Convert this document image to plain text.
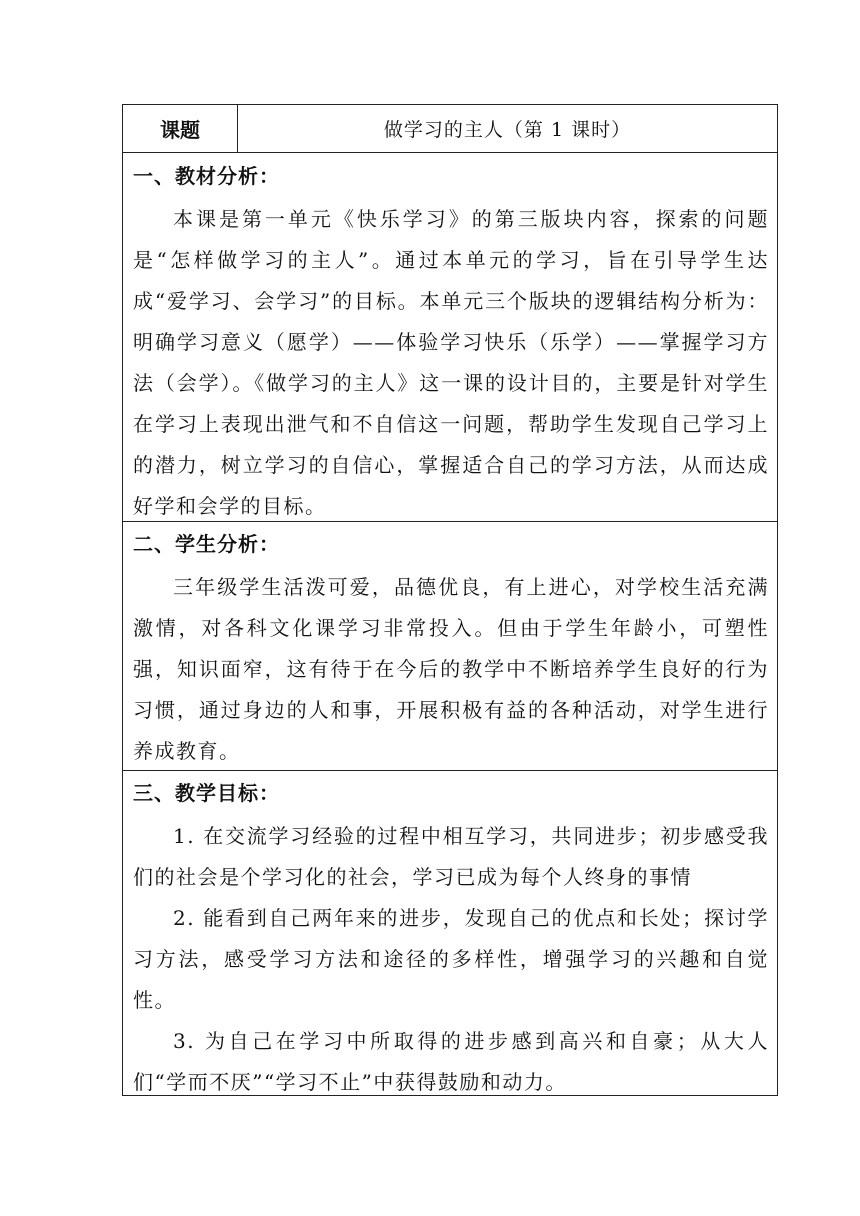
课题	做学习的主人（第 1 课时）
一、教材分析：

本课是第一单元《快乐学习》的第三版块内容，探索的问题是“怎样做学习的主人”。通过本单元的学习，旨在引导学生达成“爱学习、会学习”的目标。本单元三个版块的逻辑结构分析为：明确学习意义（愿学）——体验学习快乐（乐学）——掌握学习方法（会学）。《做学习的主人》这一课的设计目的，主要是针对学生在学习上表现出泄气和不自信这一问题，帮助学生发现自己学习上的潜力，树立学习的自信心，掌握适合自己的学习方法，从而达成好学和会学的目标。

二、学生分析：

三年级学生活泼可爱，品德优良，有上进心，对学校生活充满激情，对各科文化课学习非常投入。但由于学生年龄小，可塑性强，知识面窄，这有待于在今后的教学中不断培养学生良好的行为习惯，通过身边的人和事，开展积极有益的各种活动，对学生进行养成教育。

三、教学目标：

1. 在交流学习经验的过程中相互学习，共同进步；初步感受我们的社会是个学习化的社会，学习已成为每个人终身的事情

2. 能看到自己两年来的进步，发现自己的优点和长处；探讨学习方法，感受学习方法和途径的多样性，增强学习的兴趣和自觉性。

3. 为自己在学习中所取得的进步感到高兴和自豪；从大人们“学而不厌”“学习不止”中获得鼓励和动力。
